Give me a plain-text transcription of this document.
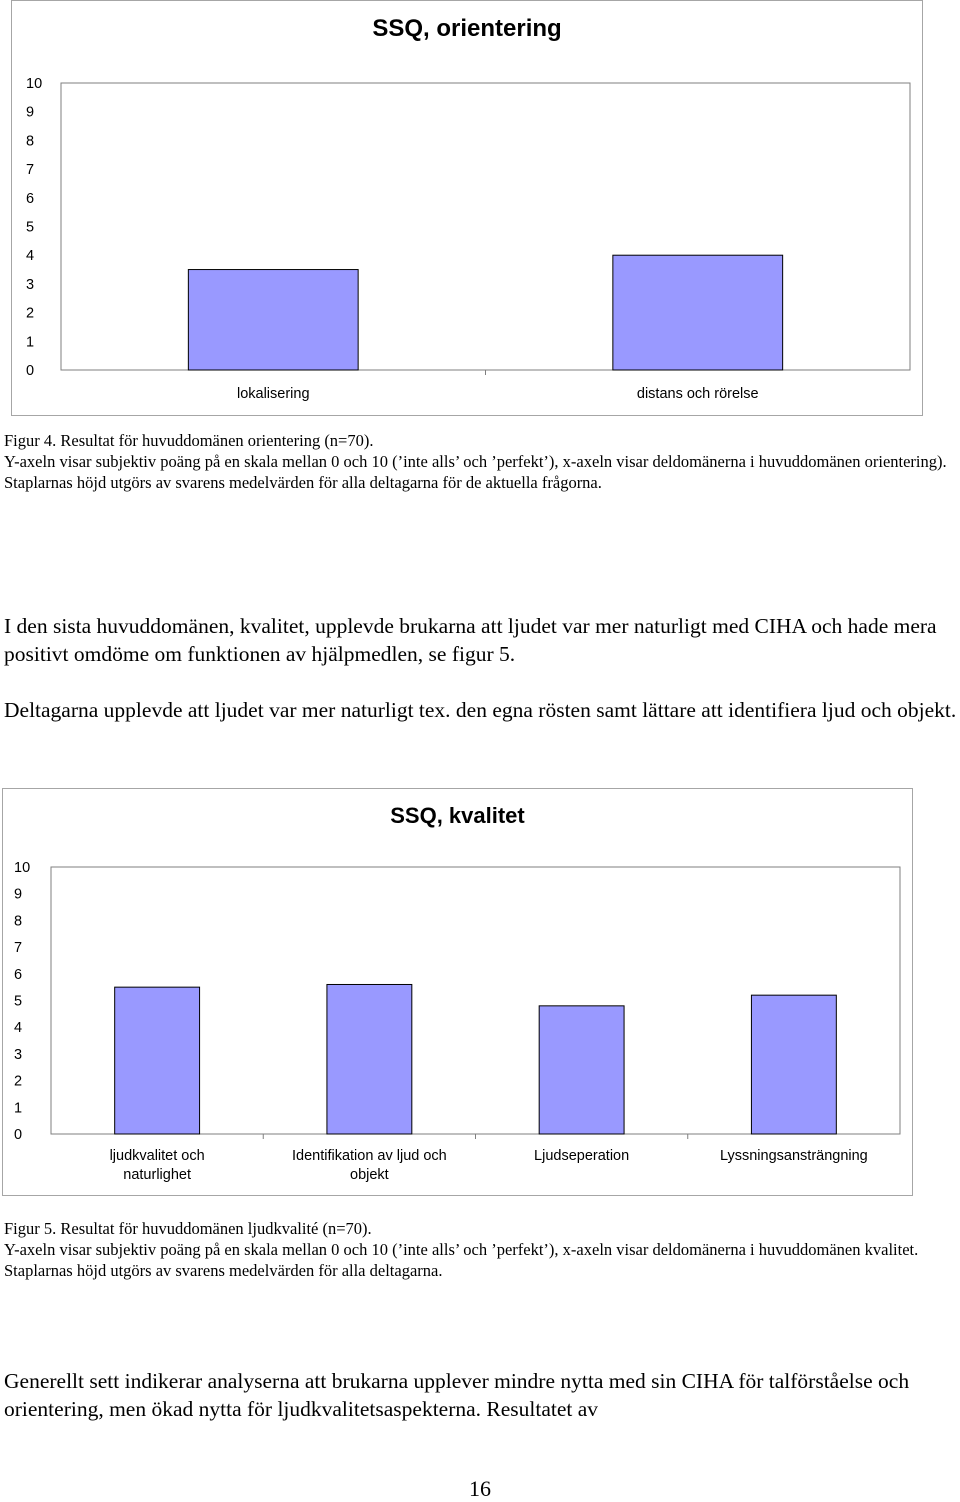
SSQ, orientering
0
1
2
3
4
5
6
7
8
9
10
lokalisering	distans och rörelse

Figur 4. Resultat för huvuddomänen orientering (n=70).

Y-axeln visar subjektiv poäng på en skala mellan 0 och 10 (’inte alls’ och ’perfekt’), x-axeln visar deldomänerna i huvuddomänen orientering). Staplarnas höjd utgörs av svarens medelvärden för alla deltagarna för de aktuella frågorna.

I den sista huvuddomänen, kvalitet, upplevde brukarna att ljudet var mer naturligt med CIHA och hade mera positivt omdöme om funktionen av hjälpmedlen, se figur 5.

Deltagarna upplevde att ljudet var mer naturligt tex. den egna rösten samt lättare att identifiera ljud och objekt.

SSQ, kvalitet
0
1
2
3
4
5
6
7
8
9
10
ljudkvalitet och
naturlighet
Identifikation av ljud och
objekt
Ljudseperation	Lyssningsansträngning

Figur 5. Resultat för huvuddomänen ljudkvalité (n=70).

Y-axeln visar subjektiv poäng på en skala mellan 0 och 10 (’inte alls’ och ’perfekt’), x-axeln visar deldomänerna i huvuddomänen kvalitet. Staplarnas höjd utgörs av svarens medelvärden för alla deltagarna.

Generellt sett indikerar analyserna att brukarna upplever mindre nytta med sin CIHA för talförståelse och orientering, men ökad nytta för ljudkvalitetsaspekterna. Resultatet av

16
